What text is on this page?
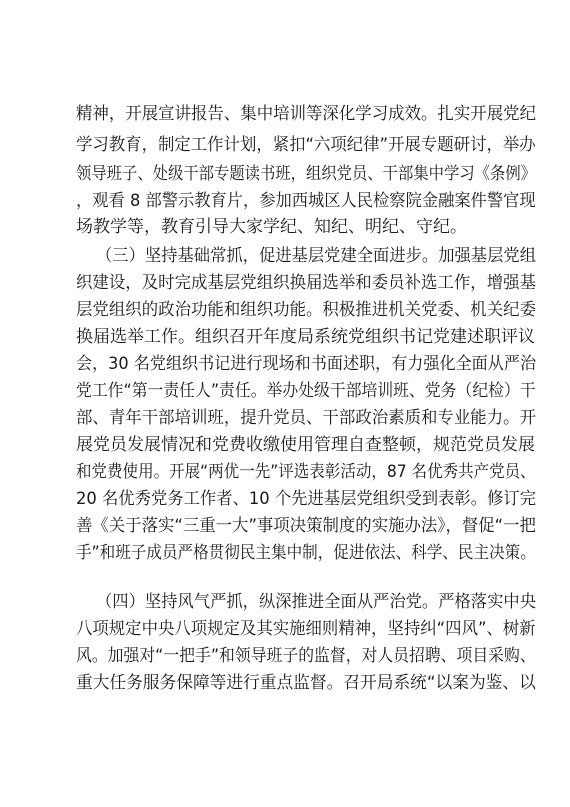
精神，开展宣讲报告、集中培训等深化学习成效。扎实开展党纪
学习教育，制定工作计划，紧扣“六项纪律”开展专题研讨，举办
领导班子、处级干部专题读书班，组织党员、干部集中学习《条例》
，观看 8 部警示教育片，参加西城区人民检察院金融案件警官现
场教学等，教育引导大家学纪、知纪、明纪、守纪。
（三）坚持基础常抓，促进基层党建全面进步。加强基层党组
织建设，及时完成基层党组织换届选举和委员补选工作，增强基
层党组织的政治功能和组织功能。积极推进机关党委、机关纪委
换届选举工作。组织召开年度局系统党组织书记党建述职评议
会，30 名党组织书记进行现场和书面述职，有力强化全面从严治
党工作“第一责任人”责任。举办处级干部培训班、党务（纪检）干
部、青年干部培训班，提升党员、干部政治素质和专业能力。开
展党员发展情况和党费收缴使用管理自查整顿，规范党员发展
和党费使用。开展“两优一先”评选表彰活动，87 名优秀共产党员、
20 名优秀党务工作者、10 个先进基层党组织受到表彰。修订完
善《关于落实“三重一大”事项决策制度的实施办法》，督促“一把
手”和班子成员严格贯彻民主集中制，促进依法、科学、民主决策。
（四）坚持风气严抓，纵深推进全面从严治党。严格落实中央
八项规定中央八项规定及其实施细则精神，坚持纠“四风”、树新
风。加强对“一把手”和领导班子的监督，对人员招聘、项目采购、
重大任务服务保障等进行重点监督。召开局系统“以案为鉴、以
